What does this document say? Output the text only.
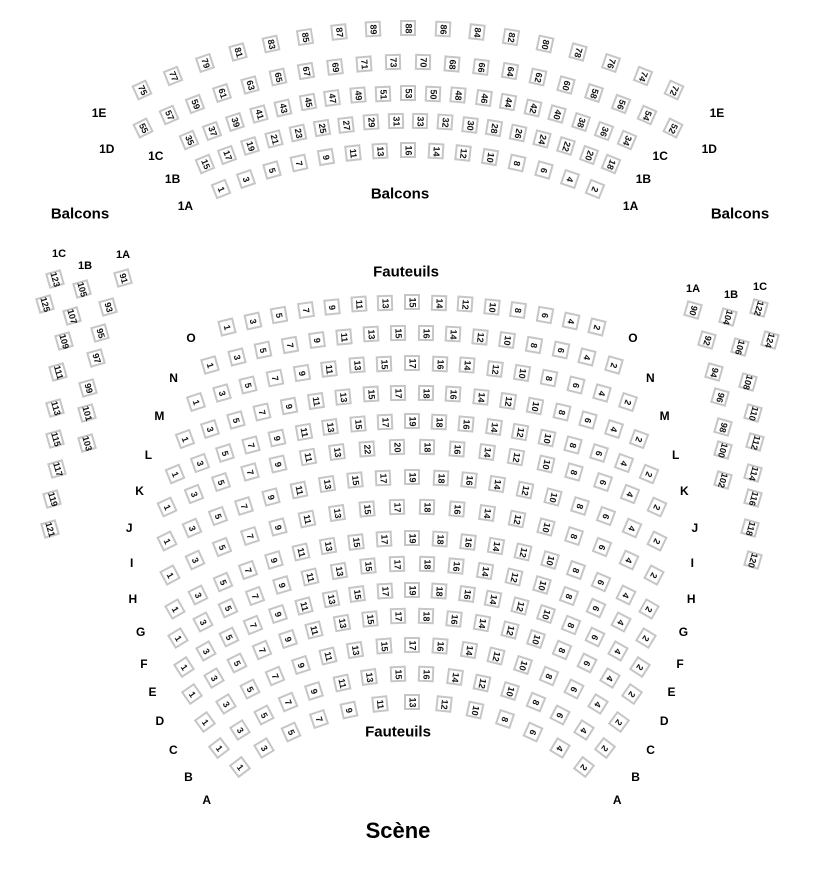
Balcons
Balcons
Balcons
Fauteuils
Fauteuils
Scène
75
77
79
81
83
85	87	89	88	86	84	82
80
78
76
74
72
1E	1E
55
57
59
61
63
65 67 69 71 73 70 68 66 64
62
60
58
56
54
52
1D	1D
35
37
39
41
43 45 47 49 51 53 50 48 46 44 42
40
38
36
34
1C	1C
15
17
19
21 23 25 27 29 31 33 32 30 28 26 24
22
20
18
1B	1B
1
3
5
7
9 11 13 16 14 12 10 8
6
4
2
1A	1A
1
3
5
7
9 11 13 15 14 12 10 8
6
4
2
O	O
1
3
5
7
9 11 13 15 16 14 12 10 8
6
4
2
N	N
1
3
5
7
9 11 13 15 17 16 14 12 10 8
6
4
2
M	M
1
3
5
7
9 11 13 15 17 18 16 14 12 10
8
6
4
2
L	L
1
3
5
7
9
11 13 15 17 19 18 16 14 12 10
8
6
4
2
K	K
1
3
5
7
9
11 13 22 20 18 16 14 12
10
8
6
4
2
J	J
1
3
5
7
9
11 13 15 17 19 18 16 14 12
10
8
6
4
2
I	I
1
3
5
7
9
11
13 15 17 18 16 14 12
10
8
6
4
2
H	H
1
3
5
7
9
11
13 15 17 19 18 16 14
12
10
8
6
4
2
G	G
1
3
5
7
9
11
13 15 17 18 16 14
12
10
8
6
4
2
F	F
1
3
5
7
9
11
13 15 17 19 18 16 14
12
10
8
6
4
2
E	E
1
3
5
7
9
11
13 15 17 18 16 14
12
10
8
6
4
2
D	D
1
3
5
7
9
11
13 15 17 16 14
12
10
8
6
4
2
C	C
1
3
5
7
9
11 13 15 16 14 12
10
8
6
4
2
B	B
1
3
5
7
9
11 13 12 10
8
6
4
2
A	A
91
93
95
97
99
101
103
1A
105
107
109
111
113
115
117
119
121
1B
123
125
1C
90
92
94
96
98
100
102
1A
104
106
108
110
112
114
116
118
120
1B
122
124
1C
